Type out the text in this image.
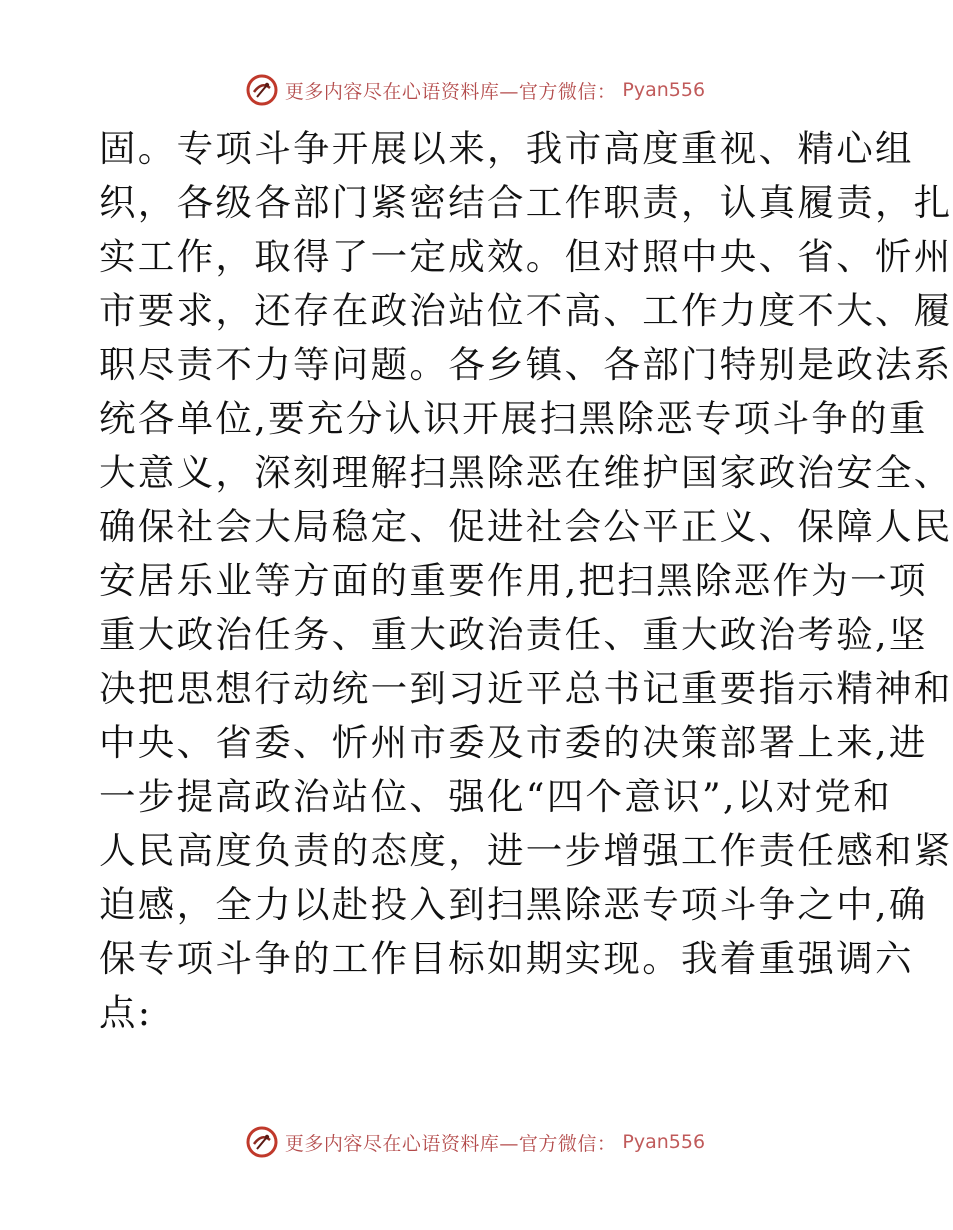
更多内容尽在心语资料库—官方微信： Pyan556
固。专项斗争开展以来，我市高度重视、精心组
织，各级各部门紧密结合工作职责，认真履责，扎
实工作，取得了一定成效。但对照中央、省、忻州
市要求，还存在政治站位不高、工作力度不大、履
职尽责不力等问题。各乡镇、各部门特别是政法系
统各单位,要充分认识开展扫黑除恶专项斗争的重
大意义，深刻理解扫黑除恶在维护国家政治安全、
确保社会大局稳定、促进社会公平正义、保障人民
安居乐业等方面的重要作用,把扫黑除恶作为一项
重大政治任务、重大政治责任、重大政治考验,坚
决把思想行动统一到习近平总书记重要指示精神和
中央、省委、忻州市委及市委的决策部署上来,进
一步提高政治站位、强化“四个意识”,以对党和
人民高度负责的态度，进一步增强工作责任感和紧
迫感，全力以赴投入到扫黑除恶专项斗争之中,确
保专项斗争的工作目标如期实现。我着重强调六
点:
更多内容尽在心语资料库—官方微信： Pyan556
